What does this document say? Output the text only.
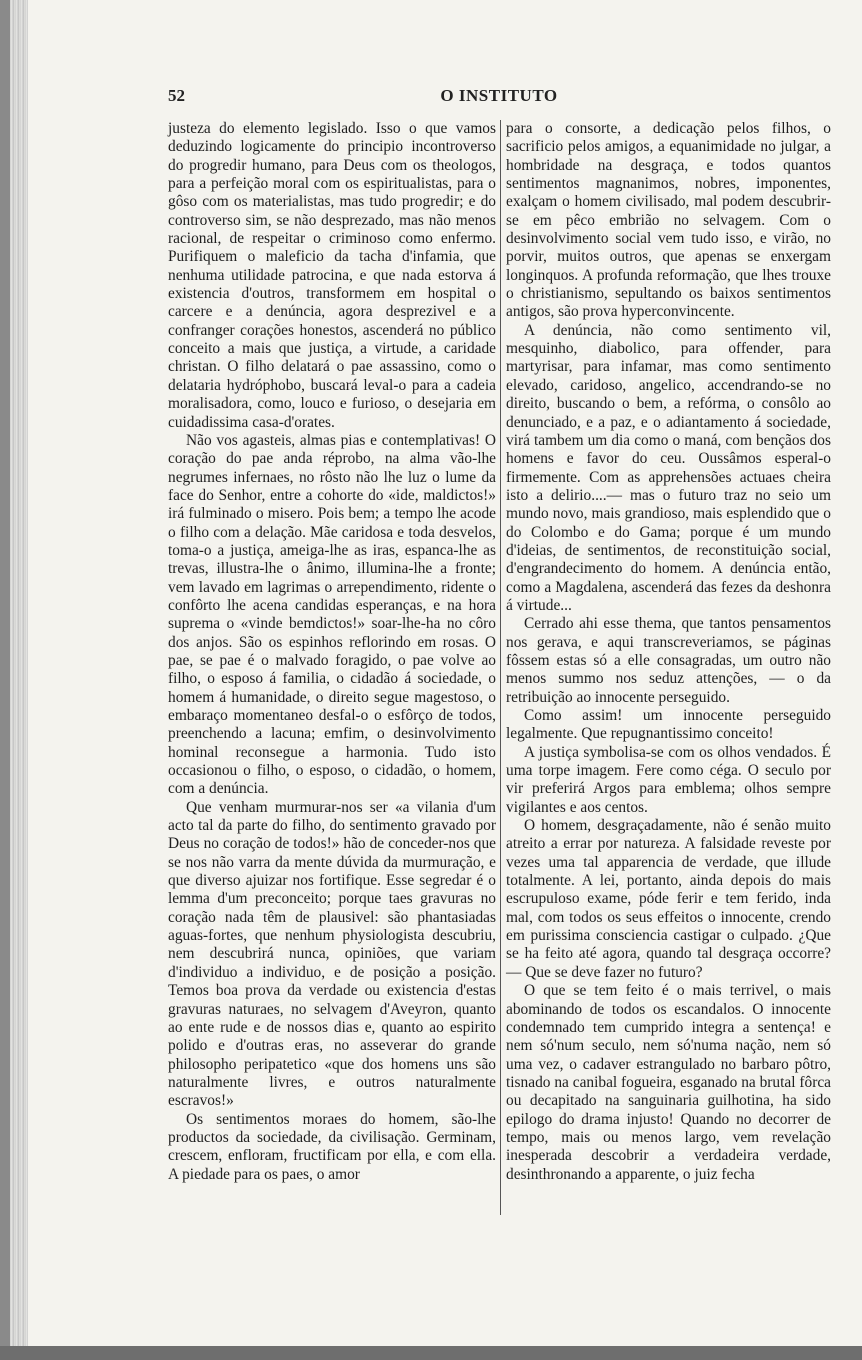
52	O INSTITUTO

justeza do elemento legislado. Isso o que vamos deduzindo logicamente do principio incontroverso do progredir humano, para Deus com os theologos, para a perfeição moral com os espiritualistas, para o gôso com os materialistas, mas tudo progredir; e do controverso sim, se não desprezado, mas não menos racional, de respeitar o criminoso como enfermo. Purifiquem o maleficio da tacha d'infamia, que nenhuma utilidade patrocina, e que nada estorva á existencia d'outros, transformem em hospital o carcere e a denúncia, agora desprezivel e a confranger corações honestos, ascenderá no público conceito a mais que justiça, a virtude, a caridade christan. O filho delatará o pae assassino, como o delataria hydróphobo, buscará leval-o para a cadeia moralisadora, como, louco e furioso, o desejaria em cuidadissima casa-d'orates.

Não vos agasteis, almas pias e contemplativas! O coração do pae anda réprobo, na alma vão-lhe negrumes infernaes, no rôsto não lhe luz o lume da face do Senhor, entre a cohorte do «ide, maldictos!» irá fulminado o misero. Pois bem; a tempo lhe acode o filho com a delação. Mãe caridosa e toda desvelos, toma-o a justiça, ameiga-lhe as iras, espanca-lhe as trevas, illustra-lhe o ânimo, illumina-lhe a fronte; vem lavado em lagrimas o arrependimento, ridente o confôrto lhe acena candidas esperanças, e na hora suprema o «vinde bemdictos!» soar-lhe-ha no côro dos anjos. São os espinhos reflorindo em rosas. O pae, se pae é o malvado foragido, o pae volve ao filho, o esposo á familia, o cidadão á sociedade, o homem á humanidade, o direito segue magestoso, o embaraço momentaneo desfal-o o esfôrço de todos, preenchendo a lacuna; emfim, o desinvolvimento hominal reconsegue a harmonia. Tudo isto occasionou o filho, o esposo, o cidadão, o homem, com a denúncia.

Que venham murmurar-nos ser «a vilania d'um acto tal da parte do filho, do sentimento gravado por Deus no coração de todos!» hão de conceder-nos que se nos não varra da mente dúvida da murmuração, e que diverso ajuizar nos fortifique. Esse segredar é o lemma d'um preconceito; porque taes gravuras no coração nada têm de plausivel: são phantasiadas aguas-fortes, que nenhum physiologista descubriu, nem descubrirá nunca, opiniões, que variam d'individuo a individuo, e de posição a posição. Temos boa prova da verdade ou existencia d'estas gravuras naturaes, no selvagem d'Aveyron, quanto ao ente rude e de nossos dias e, quanto ao espirito polido e d'outras eras, no asseverar do grande philosopho peripatetico «que dos homens uns são naturalmente livres, e outros naturalmente escravos!»

Os sentimentos moraes do homem, são-lhe productos da sociedade, da civilisação. Germinam, crescem, enfloram, fructificam por ella, e com ella. A piedade para os paes, o amor

para o consorte, a dedicação pelos filhos, o sacrificio pelos amigos, a equanimidade no julgar, a hombridade na desgraça, e todos quantos sentimentos magnanimos, nobres, imponentes, exalçam o homem civilisado, mal podem descubrir-se em pêco embrião no selvagem. Com o desinvolvimento social vem tudo isso, e virão, no porvir, muitos outros, que apenas se enxergam longinquos. A profunda reformação, que lhes trouxe o christianismo, sepultando os baixos sentimentos antigos, são prova hyperconvincente.

A denúncia, não como sentimento vil, mesquinho, diabolico, para offender, para martyrisar, para infamar, mas como sentimento elevado, caridoso, angelico, accendrando-se no direito, buscando o bem, a refórma, o consôlo ao denunciado, e a paz, e o adiantamento á sociedade, virá tambem um dia como o maná, com bençãos dos homens e favor do ceu. Oussâmos esperal-o firmemente. Com as apprehensões actuaes cheira isto a delirio....— mas o futuro traz no seio um mundo novo, mais grandioso, mais esplendido que o do Colombo e do Gama; porque é um mundo d'ideias, de sentimentos, de reconstituição social, d'engrandecimento do homem. A denúncia então, como a Magdalena, ascenderá das fezes da deshonra á virtude...

Cerrado ahi esse thema, que tantos pensamentos nos gerava, e aqui transcreveriamos, se páginas fôssem estas só a elle consagradas, um outro não menos summo nos seduz attenções, — o da retribuição ao innocente perseguido.

Como assim! um innocente perseguido legalmente. Que repugnantissimo conceito!

A justiça symbolisa-se com os olhos vendados. É uma torpe imagem. Fere como céga. O seculo por vir preferirá Argos para emblema; olhos sempre vigilantes e aos centos.

O homem, desgraçadamente, não é senão muito atreito a errar por natureza. A falsidade reveste por vezes uma tal apparencia de verdade, que illude totalmente. A lei, portanto, ainda depois do mais escrupuloso exame, póde ferir e tem ferido, inda mal, com todos os seus effeitos o innocente, crendo em purissima consciencia castigar o culpado. ¿Que se ha feito até agora, quando tal desgraça occorre? — Que se deve fazer no futuro?

O que se tem feito é o mais terrivel, o mais abominando de todos os escandalos. O innocente condemnado tem cumprido integra a sentença! e nem só'num seculo, nem só'numa nação, nem só uma vez, o cadaver estrangulado no barbaro pôtro, tisnado na canibal fogueira, esganado na brutal fôrca ou decapitado na sanguinaria guilhotina, ha sido epilogo do drama injusto! Quando no decorrer de tempo, mais ou menos largo, vem revelação inesperada descobrir a verdadeira verdade, desinthronando a apparente, o juiz fecha
